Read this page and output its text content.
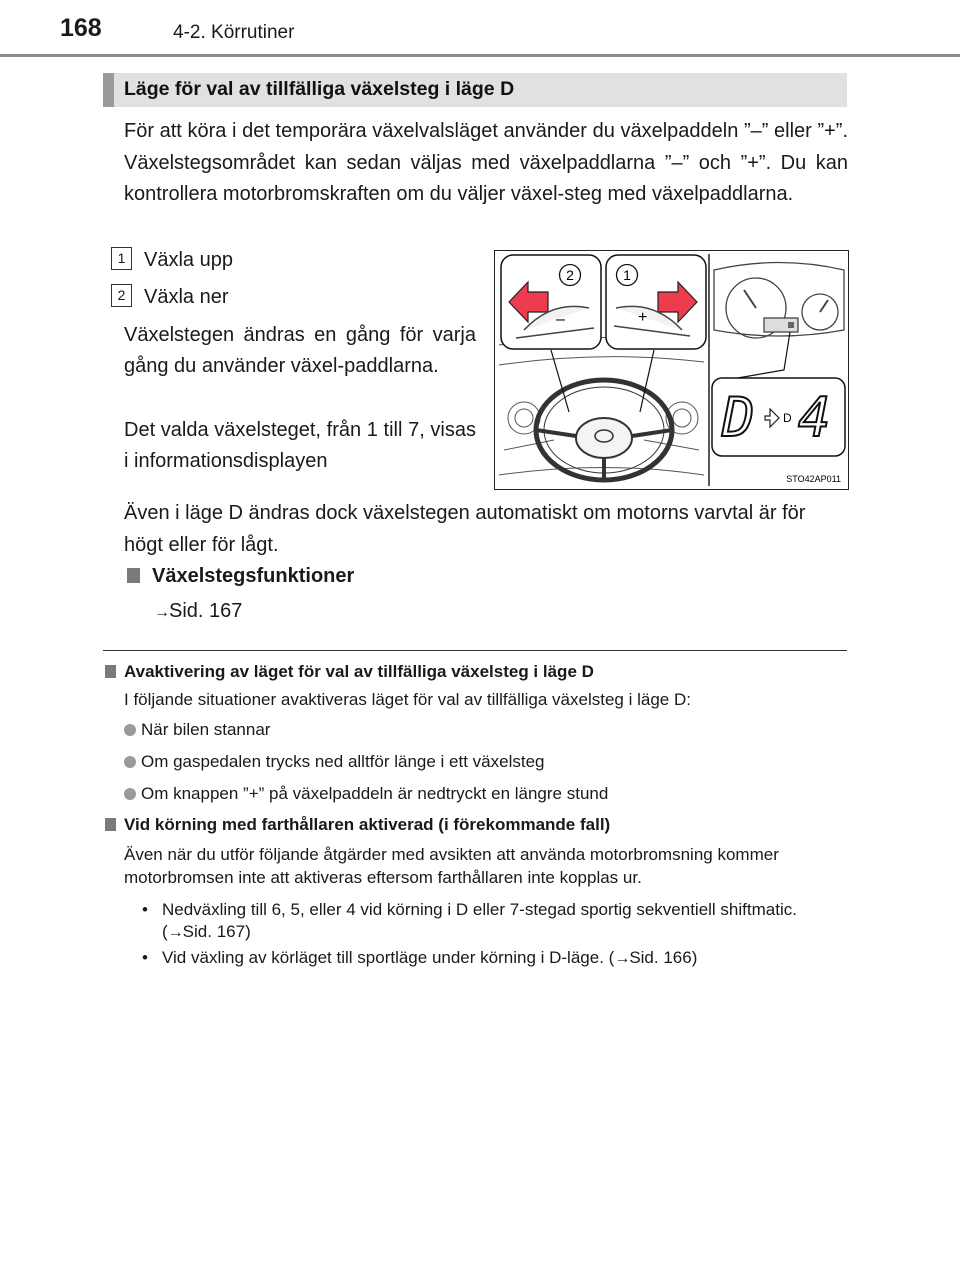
168	4-2. Körrutiner
Läge för val av tillfälliga växelsteg i läge D

För att köra i det temporära växelvalsläget använder du växelpaddeln ”–” eller ”+”. Växelstegsområdet kan sedan väljas med växelpaddlarna ”–” och ”+”. Du kan kontrollera motorbromskraften om du väljer växel-steg med växelpaddlarna.

1 Växla upp
2 Växla ner

Växelstegen ändras en gång för varja gång du använder växel-paddlarna.

Det valda växelsteget, från 1 till 7, visas i informationsdisplayen

Även i läge D ändras dock växelstegen automatiskt om motorns varvtal är för högt eller för lågt.

Växelstegsfunktioner
→Sid. 167
–
2
+
1
D D 4
STO42AP011
Avaktivering av läget för val av tillfälliga växelsteg i läge D

I följande situationer avaktiveras läget för val av tillfälliga växelsteg i läge D:

När bilen stannar
Om gaspedalen trycks ned alltför länge i ett växelsteg
Om knappen ”+” på växelpaddeln är nedtryckt en längre stund
Vid körning med farthållaren aktiverad (i förekommande fall)

Även när du utför följande åtgärder med avsikten att använda motorbromsning kommer motorbromsen inte att aktiveras eftersom farthållaren inte kopplas ur.

• Nedväxling till 6, 5, eller 4 vid körning i D eller 7-stegad sportig sekventiell shiftmatic. (→Sid. 167)
• Vid växling av körläget till sportläge under körning i D-läge. (→Sid. 166)
